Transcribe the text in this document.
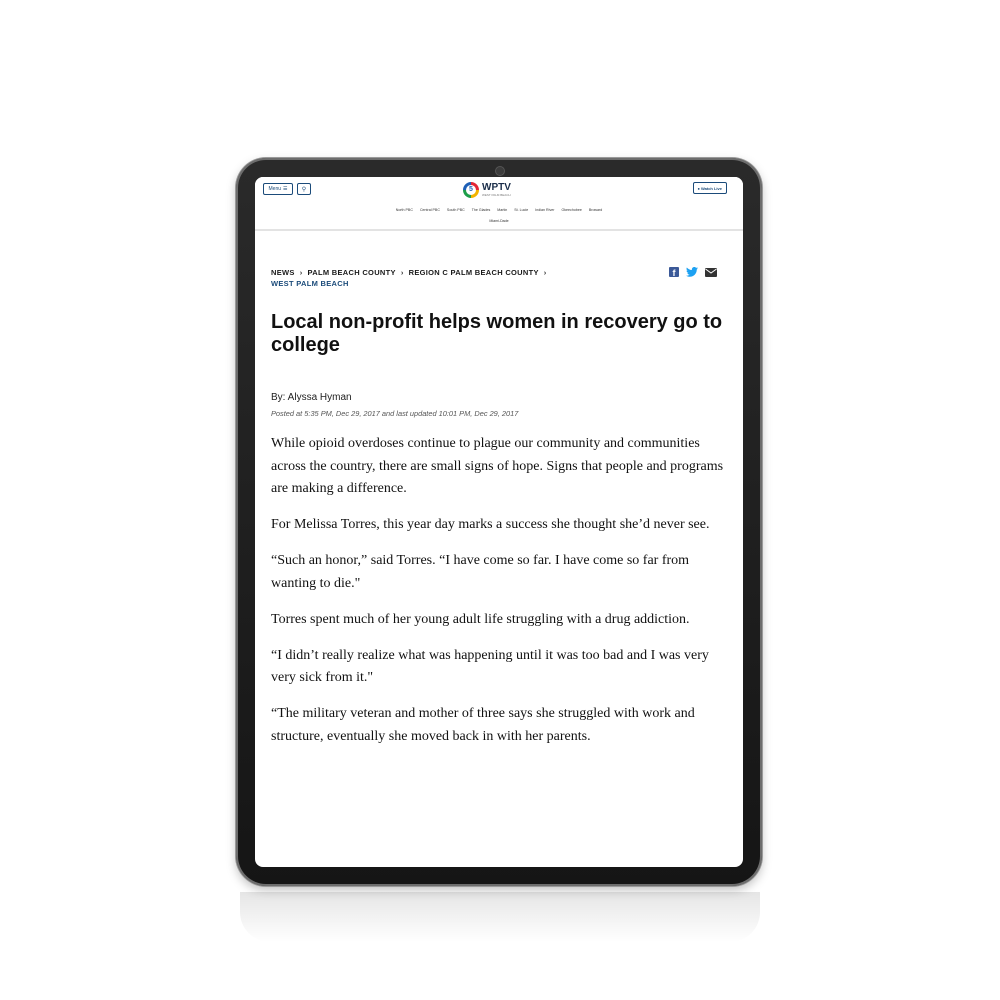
Menu ☰ ⚲	5 WPTV
WEST PALM BEACH
● Watch Live
North PBC Central PBC South PBC The Glades Martin St. Lucie Indian River Okeechobee Broward
Miami-Dade
NEWS › PALM BEACH COUNTY › REGION C PALM BEACH COUNTY ›
WEST PALM BEACH
f
Local non-profit helps women in recovery go to college
By: Alyssa Hyman
Posted at 5:35 PM, Dec 29, 2017 and last updated 10:01 PM, Dec 29, 2017

While opioid overdoses continue to plague our community and communities across the country, there are small signs of hope. Signs that people and programs are making a difference.

For Melissa Torres, this year day marks a success she thought she’d never see.

“Such an honor,” said Torres. “I have come so far. I have come so far from wanting to die."

Torres spent much of her young adult life struggling with a drug addiction.

“I didn’t really realize what was happening until it was too bad and I was very very sick from it."

“The military veteran and mother of three says she struggled with work and structure, eventually she moved back in with her parents.
